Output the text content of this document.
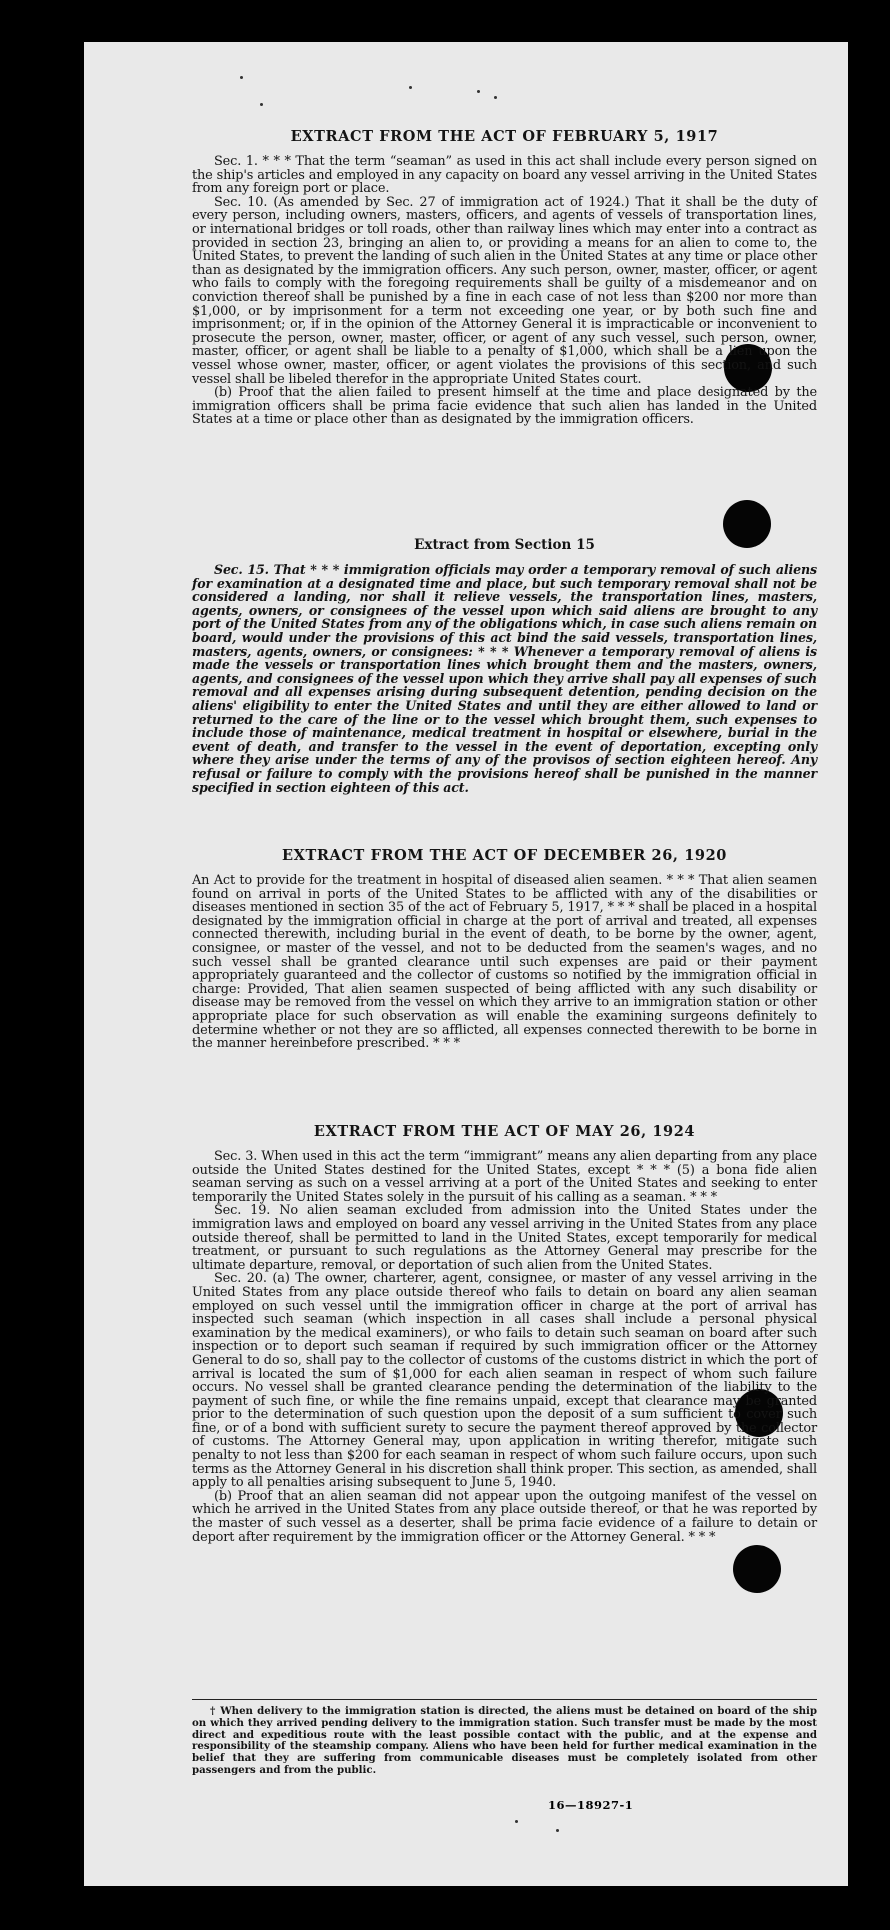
EXTRACT FROM THE ACT OF FEBRUARY 5, 1917

Sec. 1. * * * That the term “seaman” as used in this act shall include every person signed on the ship's articles and employed in any capacity on board any vessel arriving in the United States from any foreign port or place.

Sec. 10. (As amended by Sec. 27 of immigration act of 1924.) That it shall be the duty of every person, including owners, masters, officers, and agents of vessels of transportation lines, or international bridges or toll roads, other than railway lines which may enter into a contract as provided in section 23, bringing an alien to, or providing a means for an alien to come to, the United States, to prevent the landing of such alien in the United States at any time or place other than as designated by the immigration officers. Any such person, owner, master, officer, or agent who fails to comply with the foregoing requirements shall be guilty of a misdemeanor and on conviction thereof shall be punished by a fine in each case of not less than $200 nor more than $1,000, or by imprisonment for a term not exceeding one year, or by both such fine and imprisonment; or, if in the opinion of the Attorney General it is impracticable or inconvenient to prosecute the person, owner, master, officer, or agent of any such vessel, such person, owner, master, officer, or agent shall be liable to a penalty of $1,000, which shall be a lien upon the vessel whose owner, master, officer, or agent violates the provisions of this section, and such vessel shall be libeled therefor in the appropriate United States court.

(b) Proof that the alien failed to present himself at the time and place designated by the immigration officers shall be prima facie evidence that such alien has landed in the United States at a time or place other than as designated by the immigration officers.

Extract from Section 15

Sec. 15. That * * * immigration officials may order a temporary removal of such aliens for examination at a designated time and place, but such temporary removal shall not be considered a landing, nor shall it relieve vessels, the transportation lines, masters, agents, owners, or consignees of the vessel upon which said aliens are brought to any port of the United States from any of the obligations which, in case such aliens remain on board, would under the provisions of this act bind the said vessels, transportation lines, masters, agents, owners, or consignees: * * * Whenever a temporary removal of aliens is made the vessels or transportation lines which brought them and the masters, owners, agents, and consignees of the vessel upon which they arrive shall pay all expenses of such removal and all expenses arising during subsequent detention, pending decision on the aliens' eligibility to enter the United States and until they are either allowed to land or returned to the care of the line or to the vessel which brought them, such expenses to include those of maintenance, medical treatment in hospital or elsewhere, burial in the event of death, and transfer to the vessel in the event of deportation, excepting only where they arise under the terms of any of the provisos of section eighteen hereof. Any refusal or failure to comply with the provisions hereof shall be punished in the manner specified in section eighteen of this act.

EXTRACT FROM THE ACT OF DECEMBER 26, 1920

An Act to provide for the treatment in hospital of diseased alien seamen. * * * That alien seamen found on arrival in ports of the United States to be afflicted with any of the disabilities or diseases mentioned in section 35 of the act of February 5, 1917, * * * shall be placed in a hospital designated by the immigration official in charge at the port of arrival and treated, all expenses connected therewith, including burial in the event of death, to be borne by the owner, agent, consignee, or master of the vessel, and not to be deducted from the seamen's wages, and no such vessel shall be granted clearance until such expenses are paid or their payment appropriately guaranteed and the collector of customs so notified by the immigration official in charge: Provided, That alien seamen suspected of being afflicted with any such disability or disease may be removed from the vessel on which they arrive to an immigration station or other appropriate place for such observation as will enable the examining surgeons definitely to determine whether or not they are so afflicted, all expenses connected therewith to be borne in the manner hereinbefore prescribed. * * *

EXTRACT FROM THE ACT OF MAY 26, 1924

Sec. 3. When used in this act the term “immigrant” means any alien departing from any place outside the United States destined for the United States, except * * * (5) a bona fide alien seaman serving as such on a vessel arriving at a port of the United States and seeking to enter temporarily the United States solely in the pursuit of his calling as a seaman. * * *

Sec. 19. No alien seaman excluded from admission into the United States under the immigration laws and employed on board any vessel arriving in the United States from any place outside thereof, shall be permitted to land in the United States, except temporarily for medical treatment, or pursuant to such regulations as the Attorney General may prescribe for the ultimate departure, removal, or deportation of such alien from the United States.

Sec. 20. (a) The owner, charterer, agent, consignee, or master of any vessel arriving in the United States from any place outside thereof who fails to detain on board any alien seaman employed on such vessel until the immigration officer in charge at the port of arrival has inspected such seaman (which inspection in all cases shall include a personal physical examination by the medical examiners), or who fails to detain such seaman on board after such inspection or to deport such seaman if required by such immigration officer or the Attorney General to do so, shall pay to the collector of customs of the customs district in which the port of arrival is located the sum of $1,000 for each alien seaman in respect of whom such failure occurs. No vessel shall be granted clearance pending the determination of the liability to the payment of such fine, or while the fine remains unpaid, except that clearance may be granted prior to the determination of such question upon the deposit of a sum sufficient to cover such fine, or of a bond with sufficient surety to secure the payment thereof approved by the collector of customs. The Attorney General may, upon application in writing therefor, mitigate such penalty to not less than $200 for each seaman in respect of whom such failure occurs, upon such terms as the Attorney General in his discretion shall think proper. This section, as amended, shall apply to all penalties arising subsequent to June 5, 1940.

(b) Proof that an alien seaman did not appear upon the outgoing manifest of the vessel on which he arrived in the United States from any place outside thereof, or that he was reported by the master of such vessel as a deserter, shall be prima facie evidence of a failure to detain or deport after requirement by the immigration officer or the Attorney General. * * *

† When delivery to the immigration station is directed, the aliens must be detained on board of the ship on which they arrived pending delivery to the immigration station. Such transfer must be made by the most direct and expeditious route with the least possible contact with the public, and at the expense and responsibility of the steamship company. Aliens who have been held for further medical examination in the belief that they are suffering from communicable diseases must be completely isolated from other passengers and from the public.

16—18927-1
